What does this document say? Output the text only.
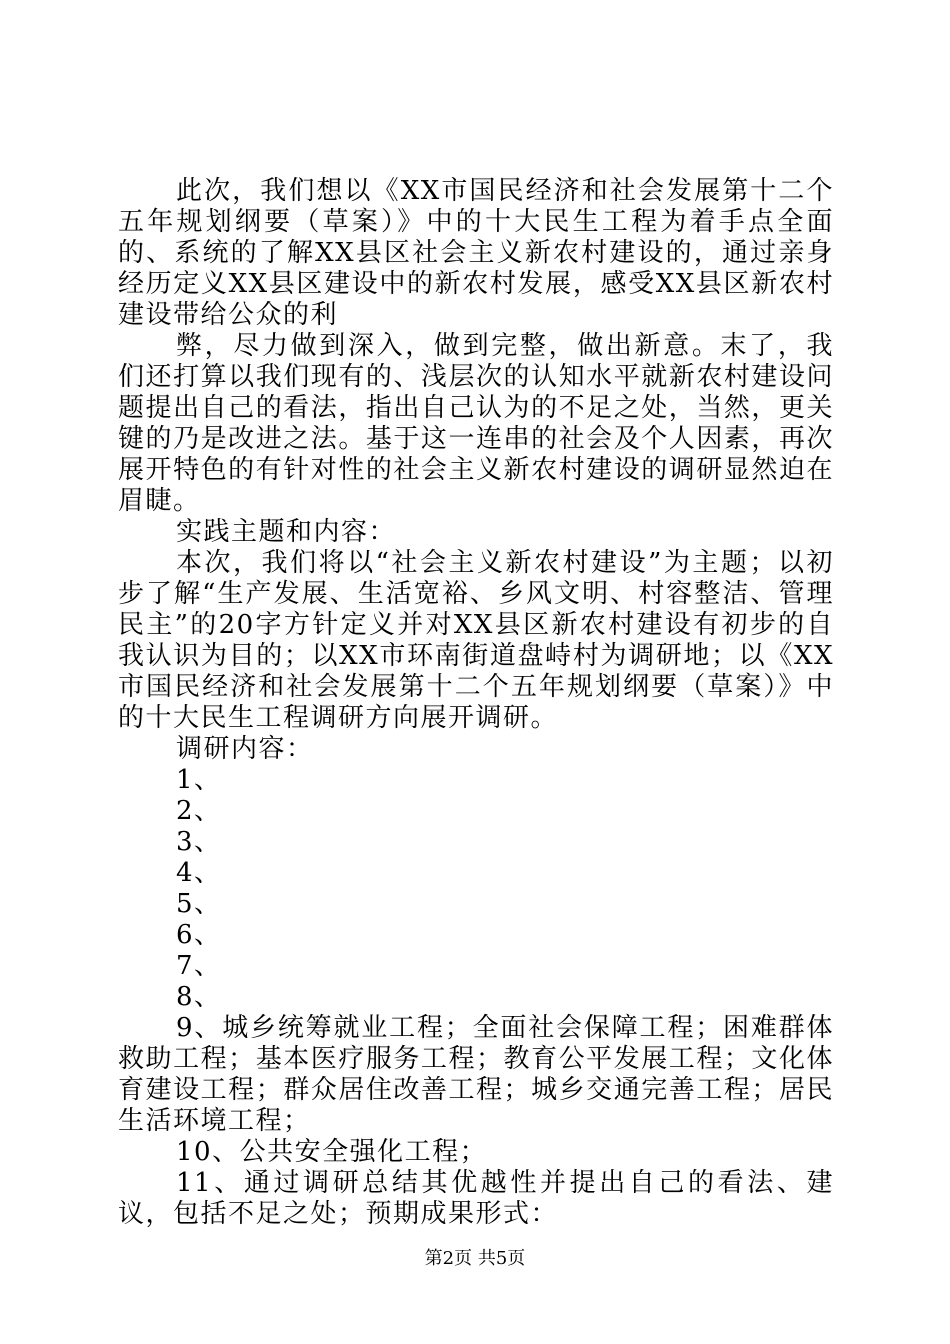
此次，我们想以《XX市国民经济和社会发展第十二个五年规划纲要（草案）》中的十大民生工程为着手点全面的、系统的了解XX县区社会主义新农村建设的，通过亲身经历定义XX县区建设中的新农村发展，感受XX县区新农村建设带给公众的利

弊，尽力做到深入，做到完整，做出新意。末了，我们还打算以我们现有的、浅层次的认知水平就新农村建设问题提出自己的看法，指出自己认为的不足之处，当然，更关键的乃是改进之法。基于这一连串的社会及个人因素，再次展开特色的有针对性的社会主义新农村建设的调研显然迫在眉睫。

实践主题和内容：

本次，我们将以“社会主义新农村建设”为主题；以初步了解“生产发展、生活宽裕、乡风文明、村容整洁、管理民主”的20字方针定义并对XX县区新农村建设有初步的自我认识为目的；以XX市环南街道盘峙村为调研地；以《XX市国民经济和社会发展第十二个五年规划纲要（草案）》中的十大民生工程调研方向展开调研。

调研内容：

1、

2、

3、

4、

5、

6、

7、

8、

9、城乡统筹就业工程；全面社会保障工程；困难群体救助工程；基本医疗服务工程；教育公平发展工程；文化体育建设工程；群众居住改善工程；城乡交通完善工程；居民生活环境工程；

10、公共安全强化工程；

11、通过调研总结其优越性并提出自己的看法、建议，包括不足之处；预期成果形式：

第2页 共5页
